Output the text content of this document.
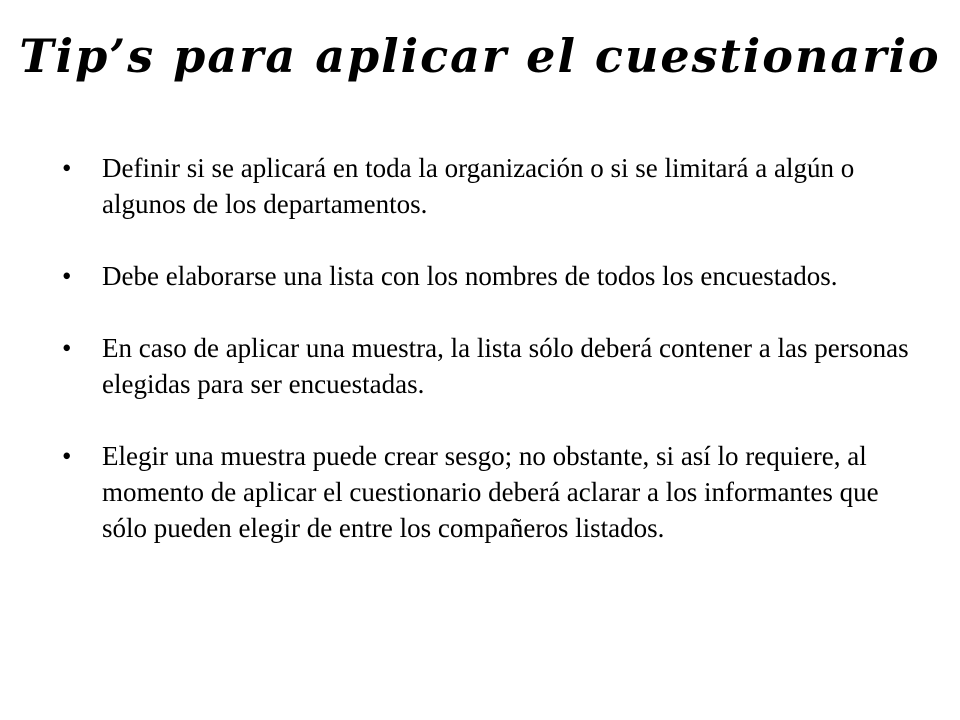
Tip’s para aplicar el cuestionario
•	Definir si se aplicará en toda la organización o si se limitará a algún o algunos de los departamentos.
•	Debe elaborarse una lista con los nombres de todos los encuestados.
•	En caso de aplicar una muestra, la lista sólo deberá contener a las personas elegidas para ser encuestadas.
•	Elegir una muestra puede crear sesgo; no obstante, si así lo requiere, al momento de aplicar el cuestionario deberá aclarar a los informantes que sólo pueden elegir de entre los compañeros listados.
